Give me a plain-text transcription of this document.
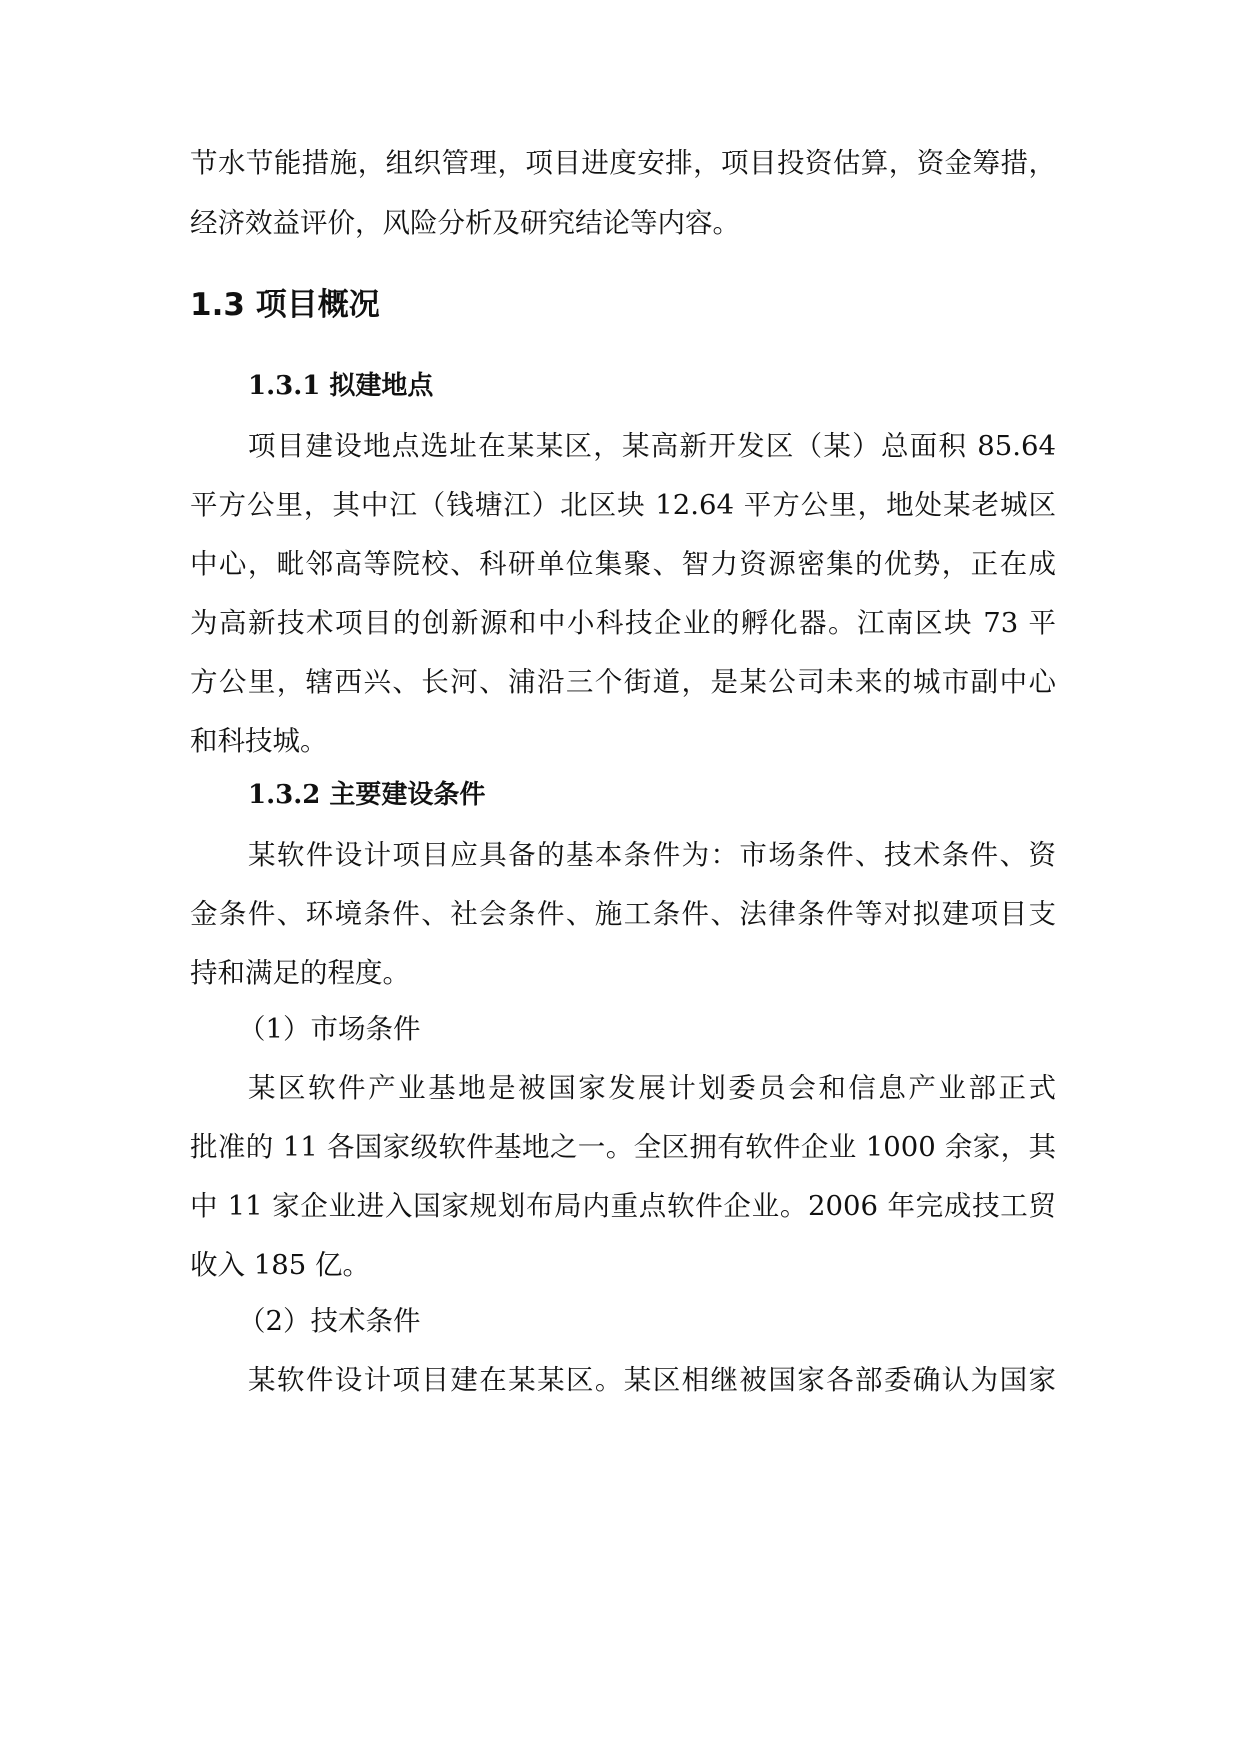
节水节能措施，组织管理，项目进度安排，项目投资估算，资金筹措，
经济效益评价，风险分析及研究结论等内容。
1.3 项目概况
1.3.1 拟建地点
项目建设地点选址在某某区，某高新开发区（某）总面积 85.64
平方公里，其中江（钱塘江）北区块 12.64 平方公里，地处某老城区
中心，毗邻高等院校、科研单位集聚、智力资源密集的优势，正在成
为高新技术项目的创新源和中小科技企业的孵化器。江南区块 73 平
方公里，辖西兴、长河、浦沿三个街道，是某公司未来的城市副中心
和科技城。
1.3.2 主要建设条件
某软件设计项目应具备的基本条件为：市场条件、技术条件、资
金条件、环境条件、社会条件、施工条件、法律条件等对拟建项目支
持和满足的程度。
（1）市场条件
某区软件产业基地是被国家发展计划委员会和信息产业部正式
批准的 11 各国家级软件基地之一。全区拥有软件企业 1000 余家，其
中 11 家企业进入国家规划布局内重点软件企业。2006 年完成技工贸
收入 185 亿。
（2）技术条件
某软件设计项目建在某某区。某区相继被国家各部委确认为国家
